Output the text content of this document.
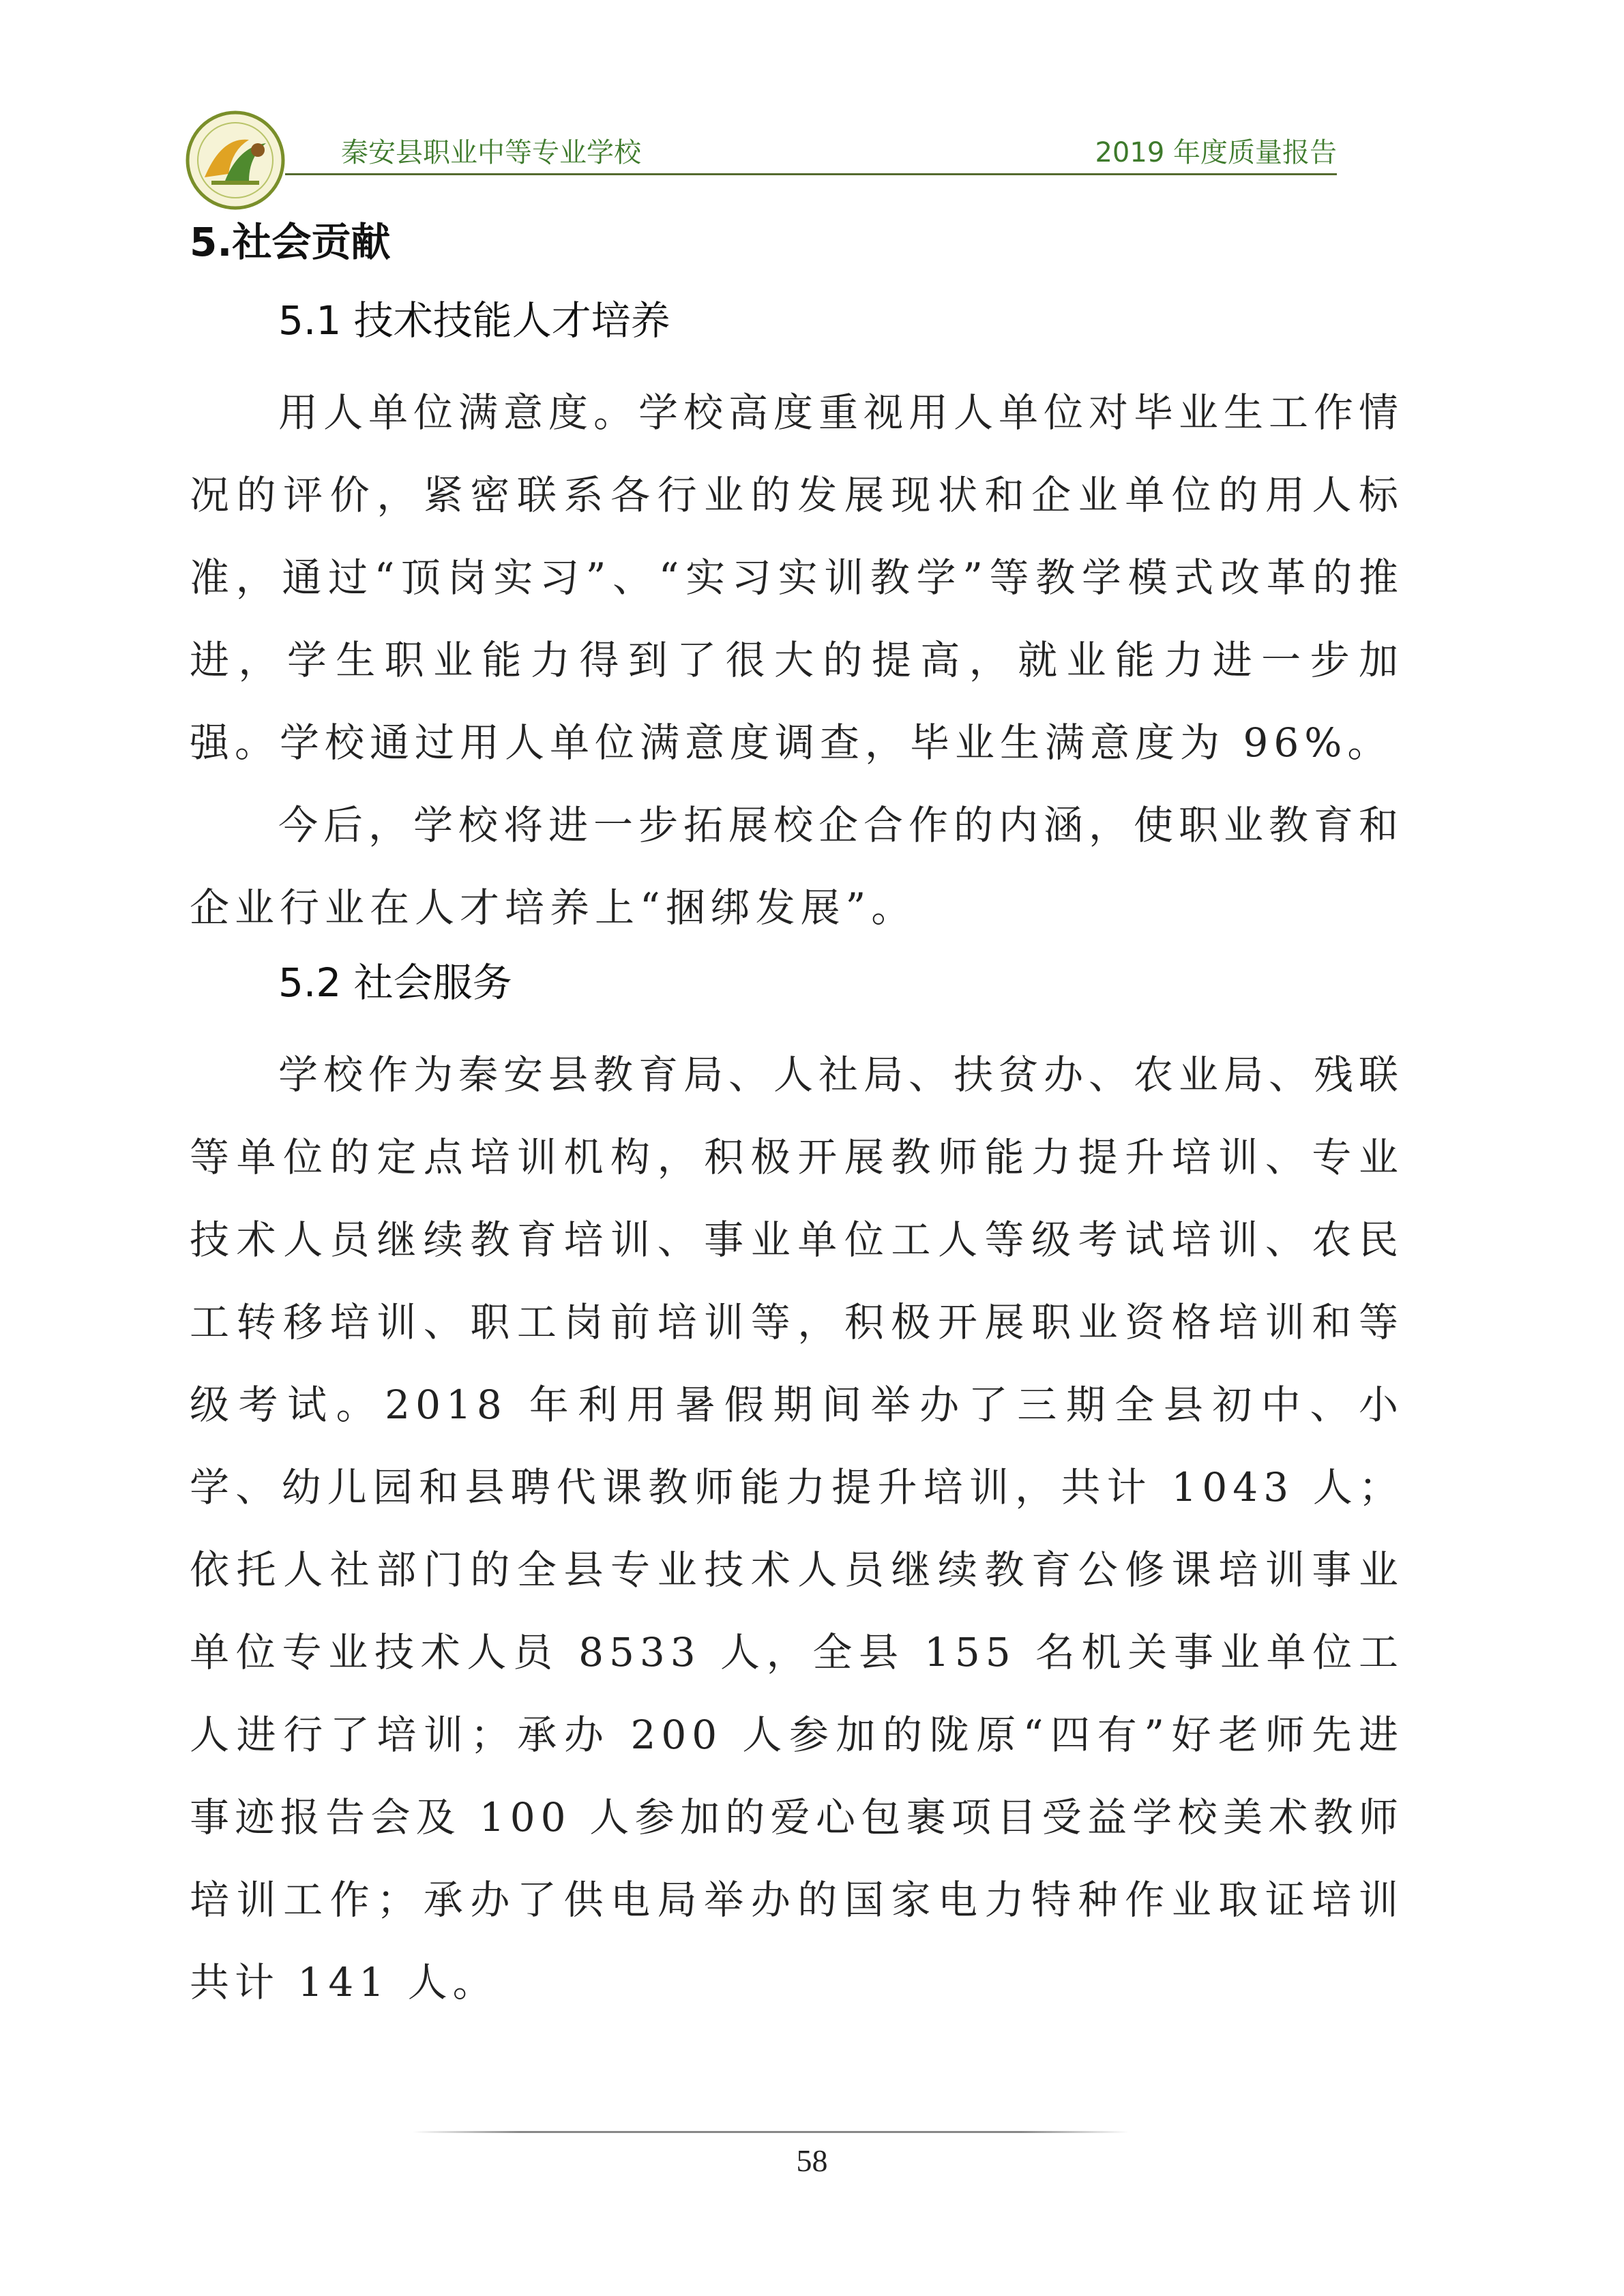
秦安县职业中等专业学校	2019 年度质量报告
5.社会贡献
5.1 技术技能人才培养

用人单位满意度。学校高度重视用人单位对毕业生工作情况的评价，紧密联系各行业的发展现状和企业单位的用人标准，通过“顶岗实习”、“实习实训教学”等教学模式改革的推进，学生职业能力得到了很大的提高，就业能力进一步加强。学校通过用人单位满意度调查，毕业生满意度为 96%。

今后，学校将进一步拓展校企合作的内涵，使职业教育和企业行业在人才培养上“捆绑发展”。

5.2 社会服务

学校作为秦安县教育局、人社局、扶贫办、农业局、残联等单位的定点培训机构，积极开展教师能力提升培训、专业技术人员继续教育培训、事业单位工人等级考试培训、农民工转移培训、职工岗前培训等，积极开展职业资格培训和等级考试。2018 年利用暑假期间举办了三期全县初中、小学、幼儿园和县聘代课教师能力提升培训，共计 1043 人；依托人社部门的全县专业技术人员继续教育公修课培训事业单位专业技术人员 8533 人，全县 155 名机关事业单位工人进行了培训；承办 200 人参加的陇原“四有”好老师先进事迹报告会及 100 人参加的爱心包裹项目受益学校美术教师培训工作；承办了供电局举办的国家电力特种作业取证培训共计 141 人。

58
